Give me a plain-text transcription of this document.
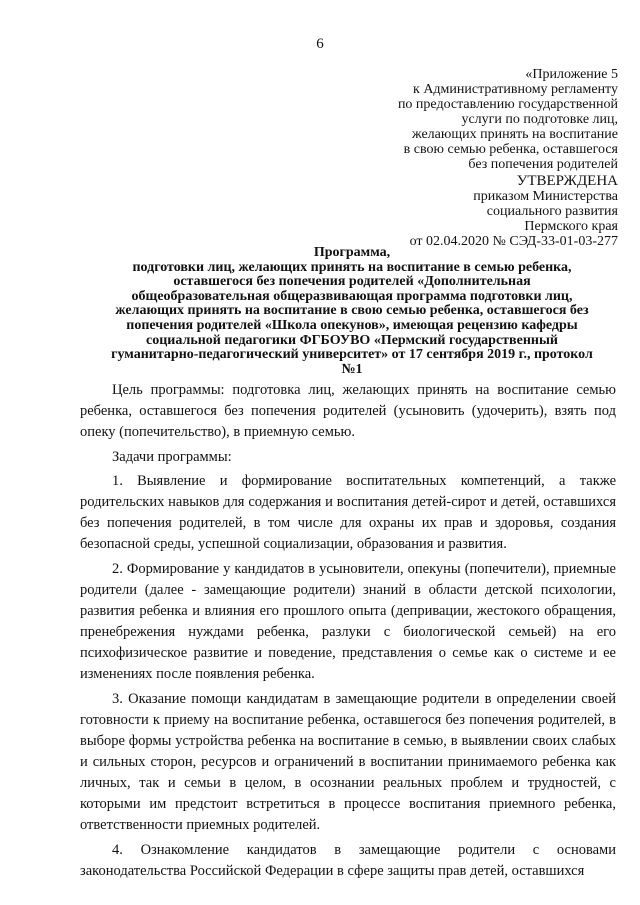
6
«Приложение 5
к Административному регламенту
по предоставлению государственной
услуги по подготовке лиц,
желающих принять на воспитание
в свою семью ребенка, оставшегося
без попечения родителей
УТВЕРЖДЕНА
приказом Министерства
социального развития
Пермского края
от 02.04.2020 № СЭД-33-01-03-277
Программа,
подготовки лиц, желающих принять на воспитание в семью ребенка,
оставшегося без попечения родителей «Дополнительная
общеобразовательная общеразвивающая программа подготовки лиц,
желающих принять на воспитание в свою семью ребенка, оставшегося без
попечения родителей «Школа опекунов», имеющая рецензию кафедры
социальной педагогики ФГБОУВО «Пермский государственный
гуманитарно-педагогический университет» от 17 сентября 2019 г., протокол
№1

Цель программы: подготовка лиц, желающих принять на воспитание семью ребенка, оставшегося без попечения родителей (усыновить (удочерить), взять под опеку (попечительство), в приемную семью.

Задачи программы:

1. Выявление и формирование воспитательных компетенций, а также родительских навыков для содержания и воспитания детей-сирот и детей, оставшихся без попечения родителей, в том числе для охраны их прав и здоровья, создания безопасной среды, успешной социализации, образования и развития.

2. Формирование у кандидатов в усыновители, опекуны (попечители), приемные родители (далее - замещающие родители) знаний в области детской психологии, развития ребенка и влияния его прошлого опыта (депривации, жестокого обращения, пренебрежения нуждами ребенка, разлуки с биологической семьей) на его психофизическое развитие и поведение, представления о семье как о системе и ее изменениях после появления ребенка.

3. Оказание помощи кандидатам в замещающие родители в определении своей готовности к приему на воспитание ребенка, оставшегося без попечения родителей, в выборе формы устройства ребенка на воспитание в семью, в выявлении своих слабых и сильных сторон, ресурсов и ограничений в воспитании принимаемого ребенка как личных, так и семьи в целом, в осознании реальных проблем и трудностей, с которыми им предстоит встретиться в процессе воспитания приемного ребенка, ответственности приемных родителей.

4. Ознакомление кандидатов в замещающие родители с основами законодательства Российской Федерации в сфере защиты прав детей, оставшихся
